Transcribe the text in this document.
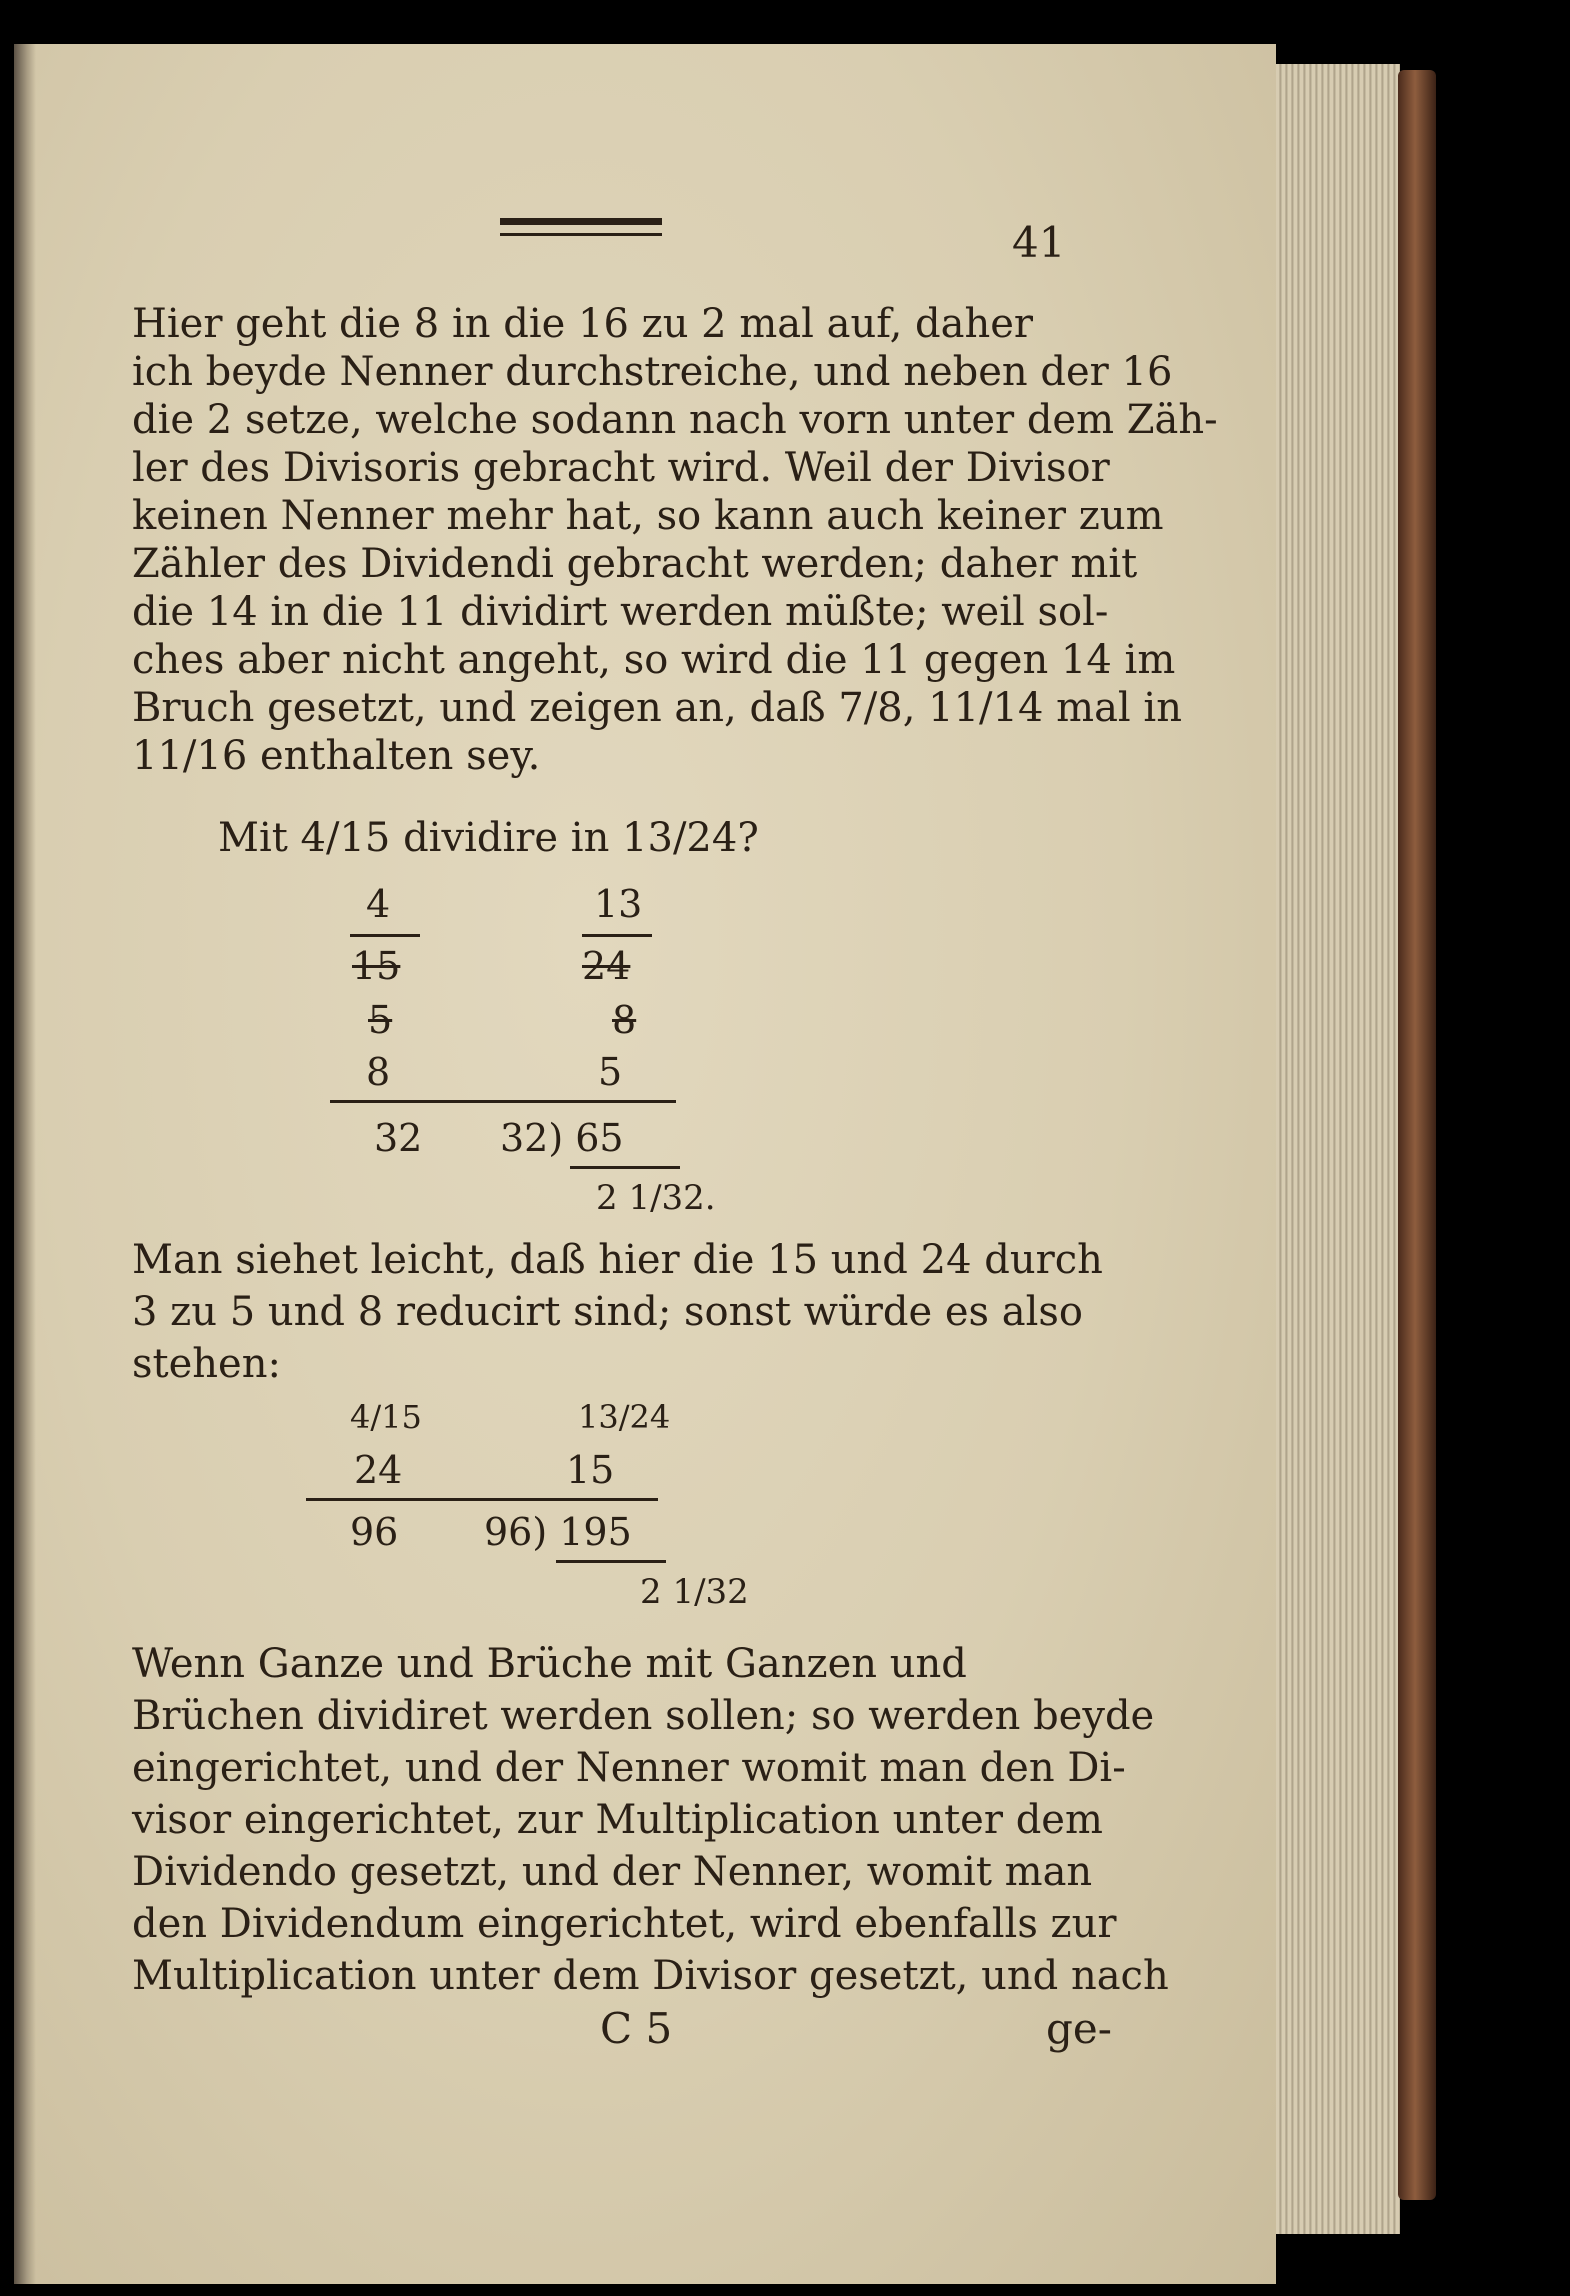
41
Hier geht die 8 in die 16 zu 2 mal auf, daher
ich beyde Nenner durchstreiche, und neben der 16
die 2 setze, welche sodann nach vorn unter dem Zäh-
ler des Divisoris gebracht wird. Weil der Divisor
keinen Nenner mehr hat, so kann auch keiner zum
Zähler des Dividendi gebracht werden; daher mit
die 14 in die 11 dividirt werden müßte; weil sol-
ches aber nicht angeht, so wird die 11 gegen 14 im
Bruch gesetzt, und zeigen an, daß 7/8, 11/14 mal in
11/16 enthalten sey.
Mit 4/15 dividire in 13/24?
4	13
15	24
5	8
8	5
32 32) 65
2 1/32.
Man siehet leicht, daß hier die 15 und 24 durch
3 zu 5 und 8 reducirt sind; sonst würde es also
stehen:
4/15	13/24
24	15
96 96) 195
2 1/32
Wenn Ganze und Brüche mit Ganzen und
Brüchen dividiret werden sollen; so werden beyde
eingerichtet, und der Nenner womit man den Di-
visor eingerichtet, zur Multiplication unter dem
Dividendo gesetzt, und der Nenner, womit man
den Dividendum eingerichtet, wird ebenfalls zur
Multiplication unter dem Divisor gesetzt, und nach
C 5	ge-
